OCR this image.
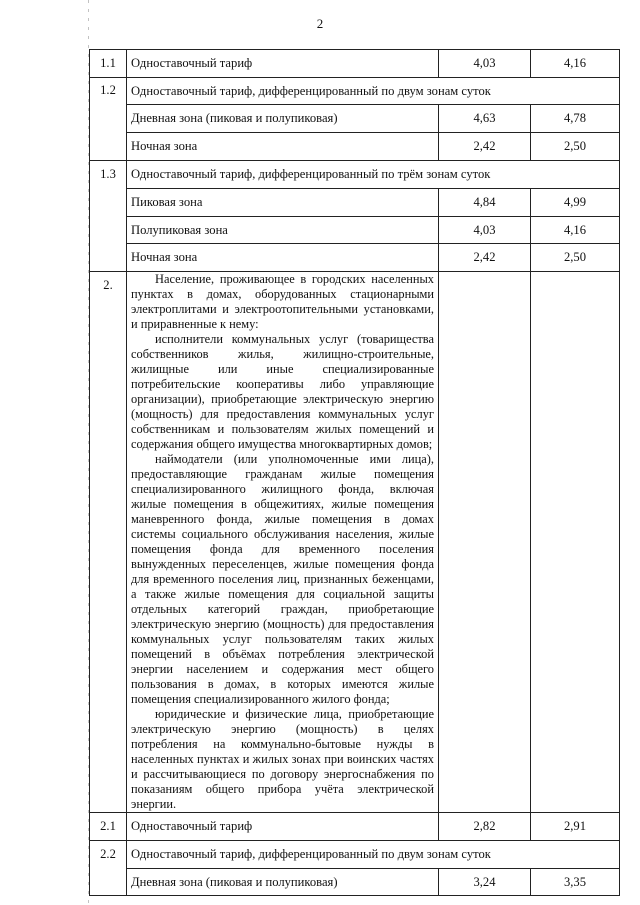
2
1.1	Одноставочный тариф	4,03	4,16
1.2	Одноставочный тариф, дифференцированный по двум зонам суток		
	Дневная зона (пиковая и полупиковая)	4,63	4,78
	Ночная зона	2,42	2,50
1.3	Одноставочный тариф, дифференцированный по трём зонам суток		
	Пиковая зона	4,84	4,99
	Полупиковая зона	4,03	4,16
	Ночная зона	2,42	2,50
2.	Население, проживающее в городских населенных пунктах в домах, оборудованных стационарными электроплитами и электроотопительными установками, и приравненные к нему:

исполнители коммунальных услуг (товарищества собственников жилья, жилищно-строительные, жилищные или иные специализированные потребительские кооперативы либо управляющие организации), приобретающие электрическую энергию (мощность) для предоставления коммунальных услуг собственникам и пользователям жилых помещений и содержания общего имущества многоквартирных домов;

наймодатели (или уполномоченные ими лица), предоставляющие гражданам жилые помещения специализированного жилищного фонда, включая жилые помещения в общежитиях, жилые помещения маневренного фонда, жилые помещения в домах системы социального обслуживания населения, жилые помещения фонда для временного поселения вынужденных переселенцев, жилые помещения фонда для временного поселения лиц, признанных беженцами, а также жилые помещения для социальной защиты отдельных категорий граждан, приобретающие электрическую энергию (мощность) для предоставления коммунальных услуг пользователям таких жилых помещений в объёмах потребления электрической энергии населением и содержания мест общего пользования в домах, в которых имеются жилые помещения специализированного жилого фонда;

юридические и физические лица, приобретающие электрическую энергию (мощность) в целях потребления на коммунально-бытовые нужды в населенных пунктах и жилых зонах при воинских частях и рассчитывающиеся по договору энергоснабжения по показаниям общего прибора учёта электрической энергии.		

2.1	Одноставочный тариф	2,82	2,91
2.2	Одноставочный тариф, дифференцированный по двум зонам суток		
	Дневная зона (пиковая и полупиковая)	3,24	3,35
